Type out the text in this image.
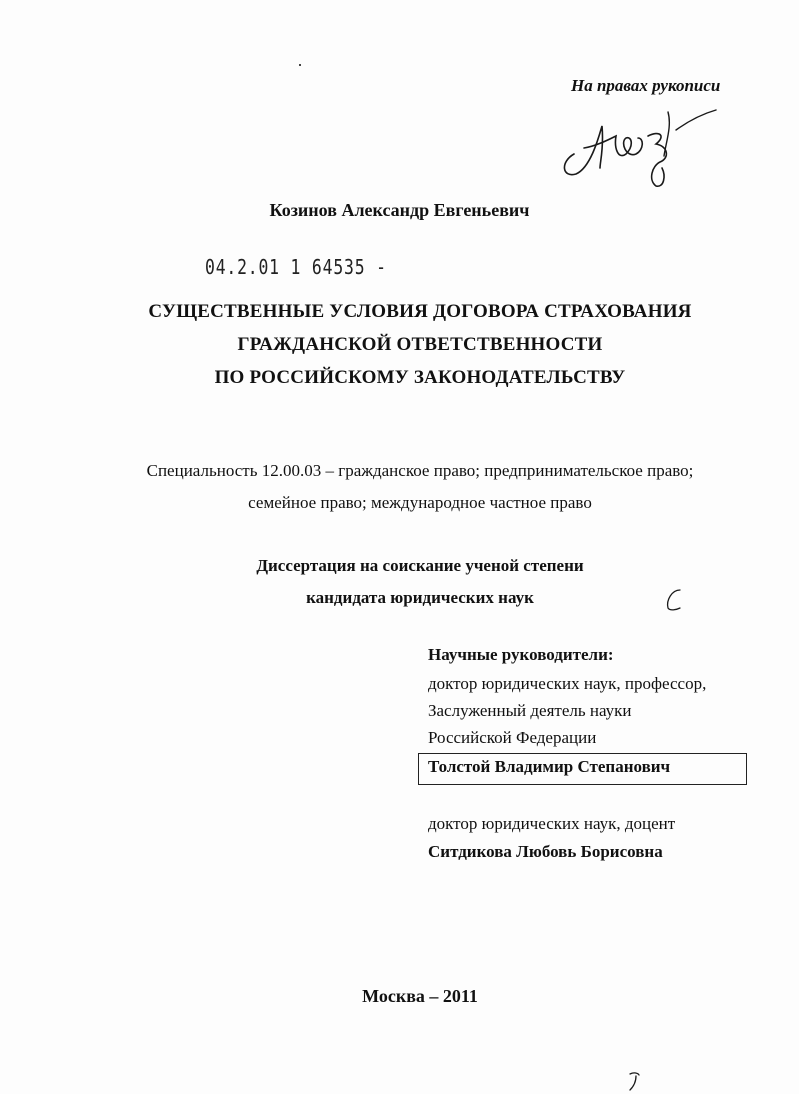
На правах рукописи
Козинов Александр Евгеньевич
04.2.01 1 64535 -
СУЩЕСТВЕННЫЕ УСЛОВИЯ ДОГОВОРА СТРАХОВАНИЯ
ГРАЖДАНСКОЙ ОТВЕТСТВЕННОСТИ
ПО РОССИЙСКОМУ ЗАКОНОДАТЕЛЬСТВУ
Специальность 12.00.03 – гражданское право; предпринимательское право;
семейное право; международное частное право
Диссертация на соискание ученой степени
кандидата юридических наук
Научные руководители:
доктор юридических наук, профессор,
Заслуженный деятель науки
Российской Федерации
Толстой Владимир Степанович
доктор юридических наук, доцент
Ситдикова Любовь Борисовна
Москва – 2011
